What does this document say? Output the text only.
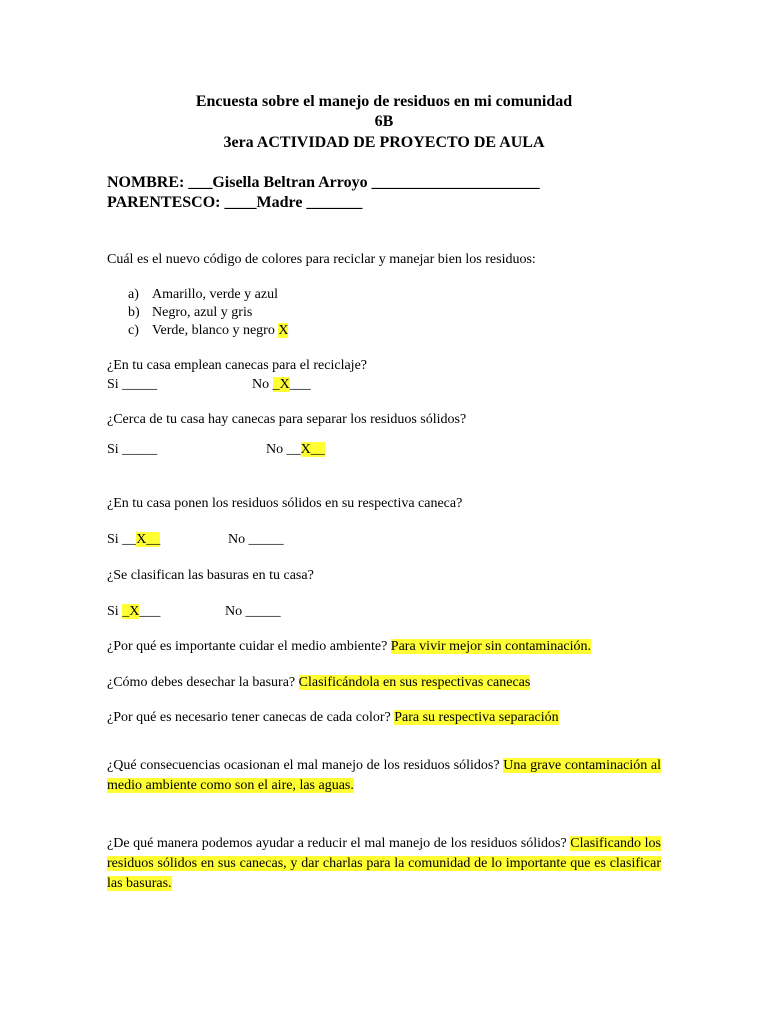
Encuesta sobre el manejo de residuos en mi comunidad
6B
3era ACTIVIDAD DE PROYECTO DE AULA
NOMBRE: ___Gisella Beltran Arroyo _____________________
PARENTESCO: ____Madre _______
Cuál es el nuevo código de colores para reciclar y manejar bien los residuos:
a) Amarillo, verde y azul
b) Negro, azul y gris
c) Verde, blanco y negro X
¿En tu casa emplean canecas para el reciclaje?
Si _____	No _X___
¿Cerca de tu casa hay canecas para separar los residuos sólidos?
Si _____	No __X__
¿En tu casa ponen los residuos sólidos en su respectiva caneca?
Si __X__	No _____
¿Se clasifican las basuras en tu casa?
Si _X___	No _____
¿Por qué es importante cuidar el medio ambiente? Para vivir mejor sin contaminación.
¿Cómo debes desechar la basura? Clasificándola en sus respectivas canecas
¿Por qué es necesario tener canecas de cada color? Para su respectiva separación

¿Qué consecuencias ocasionan el mal manejo de los residuos sólidos? Una grave contaminación al medio ambiente como son el aire, las aguas.

¿De qué manera podemos ayudar a reducir el mal manejo de los residuos sólidos? Clasificando los residuos sólidos en sus canecas, y dar charlas para la comunidad de lo importante que es clasificar las basuras.
